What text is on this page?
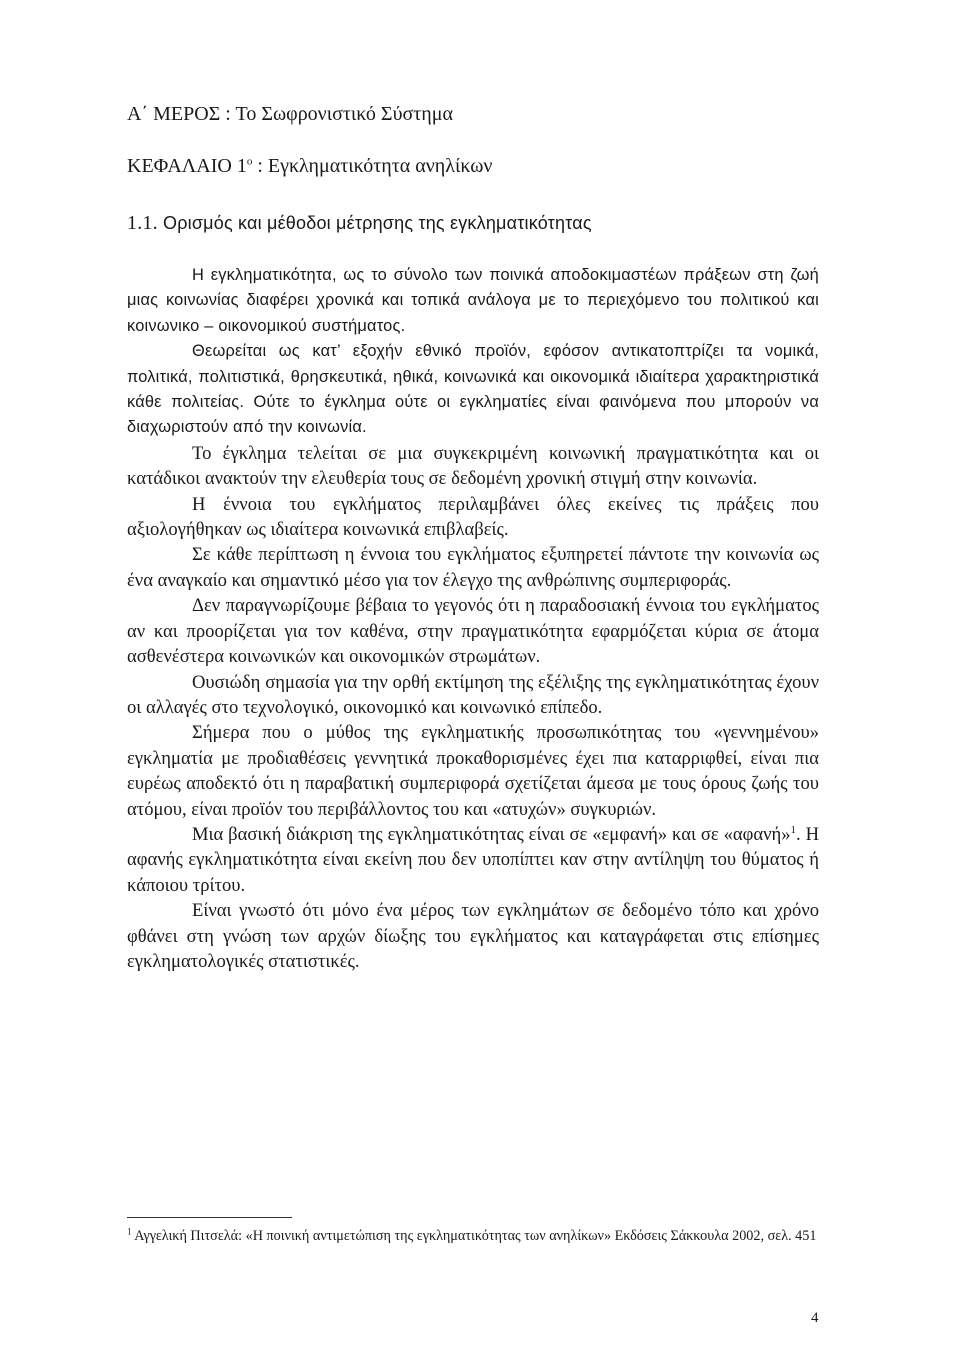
Α΄ ΜΕΡΟΣ : Το Σωφρονιστικό Σύστημα
ΚΕΦΑΛΑΙΟ $1^o$ : Εγκληματικότητα ανηλίκων
1.1. Ορισμός και μέθοδοι μέτρησης της εγκληματικότητας

Η εγκληματικότητα, ως το σύνολο των ποινικά αποδοκιμαστέων πράξεων στη ζωή μιας κοινωνίας διαφέρει χρονικά και τοπικά ανάλογα με το περιεχόμενο του πολιτικού και κοινωνικο – οικονομικού συστήματος.

Θεωρείται ως κατ’ εξοχήν εθνικό προϊόν, εφόσον αντικατοπτρίζει τα νομικά, πολιτικά, πολιτιστικά, θρησκευτικά, ηθικά, κοινωνικά και οικονομικά ιδιαίτερα χαρακτηριστικά κάθε πολιτείας. Ούτε το έγκλημα ούτε οι εγκληματίες είναι φαινόμενα που μπορούν να διαχωριστούν από την κοινωνία.

Το έγκλημα τελείται σε μια συγκεκριμένη κοινωνική πραγματικότητα και οι κατάδικοι ανακτούν την ελευθερία τους σε δεδομένη χρονική στιγμή στην κοινωνία.

Η έννοια του εγκλήματος περιλαμβάνει όλες εκείνες τις πράξεις που αξιολογήθηκαν ως ιδιαίτερα κοινωνικά επιβλαβείς.

Σε κάθε περίπτωση η έννοια του εγκλήματος εξυπηρετεί πάντοτε την κοινωνία ως ένα αναγκαίο και σημαντικό μέσο για τον έλεγχο της ανθρώπινης συμπεριφοράς.

Δεν παραγνωρίζουμε βέβαια το γεγονός ότι η παραδοσιακή έννοια του εγκλήματος αν και προορίζεται για τον καθένα, στην πραγματικότητα εφαρμόζεται κύρια σε άτομα ασθενέστερα κοινωνικών και οικονομικών στρωμάτων.

Ουσιώδη σημασία για την ορθή εκτίμηση της εξέλιξης της εγκληματικότητας έχουν οι αλλαγές στο τεχνολογικό, οικονομικό και κοινωνικό επίπεδο.

Σήμερα που ο μύθος της εγκληματικής προσωπικότητας του «γεννημένου» εγκληματία με προδιαθέσεις γεννητικά προκαθορισμένες έχει πια καταρριφθεί, είναι πια ευρέως αποδεκτό ότι η παραβατική συμπεριφορά σχετίζεται άμεσα με τους όρους ζωής του ατόμου, είναι προϊόν του περιβάλλοντος του και «ατυχών» συγκυριών.

Μια βασική διάκριση της εγκληματικότητας είναι σε «εμφανή» και σε «αφανή»$^1$. Η αφανής εγκληματικότητα είναι εκείνη που δεν υποπίπτει καν στην αντίληψη του θύματος ή κάποιου τρίτου.

Είναι γνωστό ότι μόνο ένα μέρος των εγκλημάτων σε δεδομένο τόπο και χρόνο φθάνει στη γνώση των αρχών δίωξης του εγκλήματος και καταγράφεται στις επίσημες εγκληματολογικές στατιστικές.

$^1$ Αγγελική Πιτσελά: «Η ποινική αντιμετώπιση της εγκληματικότητας των ανηλίκων» Εκδόσεις Σάκκουλα 2002, σελ. 451
4
